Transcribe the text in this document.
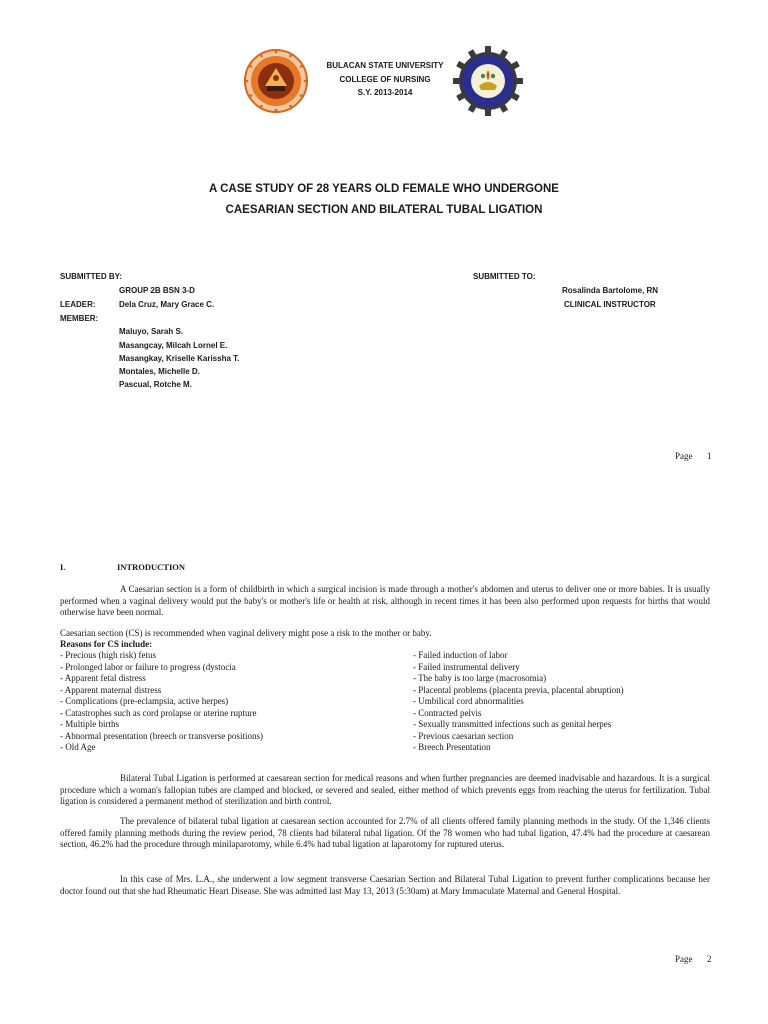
BULACAN STATE UNIVERSITY
COLLEGE OF NURSING
S.Y. 2013-2014
A CASE STUDY OF 28 YEARS OLD FEMALE WHO UNDERGONE
CAESARIAN SECTION AND BILATERAL TUBAL LIGATION
SUBMITTED BY:
GROUP 2B BSN 3-D
LEADER:	Dela Cruz, Mary Grace C.
MEMBER:
Maluyo, Sarah S.
Masangcay, Milcah Lornel E.
Masangkay, Kriselle Karissha T.
Montales, Michelle D.
Pascual, Rotche M.
SUBMITTED TO:
Rosalinda Bartolome, RN
CLINICAL INSTRUCTOR
Page 1
I.	INTRODUCTION

A Caesarian section is a form of childbirth in which a surgical incision is made through a mother's abdomen and uterus to deliver one or more babies. It is usually performed when a vaginal delivery would put the baby's or mother's life or health at risk, although in recent times it has been also performed upon requests for births that would otherwise have been normal.

Caesarian section (CS) is recommended when vaginal delivery might pose a risk to the mother or baby.

Reasons for CS include:

- Precious (high risk) fetus
- Prolonged labor or failure to progress (dystocia
- Apparent fetal distress
- Apparent maternal distress
- Complications (pre-eclampsia, active herpes)
- Catastrophes such as cord prolapse or uterine rupture
- Multiple births
- Abnormal presentation (breech or transverse positions)
- Old Age
- Failed induction of labor
- Failed instrumental delivery
- The baby is too large (macrosomia)
- Placental problems (placenta previa, placental abruption)
- Umbilical cord abnormalities
- Contracted pelvis
- Sexually transmitted infections such as genital herpes
- Previous caesarian section
- Breech Presentation

Bilateral Tubal Ligation is performed at caesarean section for medical reasons and when further pregnancies are deemed inadvisable and hazardous. It is a surgical procedure which a woman's fallopian tubes are clamped and blocked, or severed and sealed, either method of which prevents eggs from reaching the uterus for fertilization. Tubal ligation is considered a permanent method of sterilization and birth control.

The prevalence of bilateral tubal ligation at caesarean section accounted for 2.7% of all clients offered family planning methods in the study. Of the 1,346 clients offered family planning methods during the review period, 78 clients had bilateral tubal ligation. Of the 78 women who had tubal ligation, 47.4% had the procedure at caesarean section, 46.2% had the procedure through minilaparotomy, while 6.4% had tubal ligation at laparotomy for ruptured uterus.

In this case of Mrs. L.A., she underwent a low segment transverse Caesarian Section and Bilateral Tubal Ligation to prevent further complications because her doctor found out that she had Rheumatic Heart Disease. She was admitted last May 13, 2013 (5:30am) at Mary Immaculate Maternal and General Hospital.

Page 2
